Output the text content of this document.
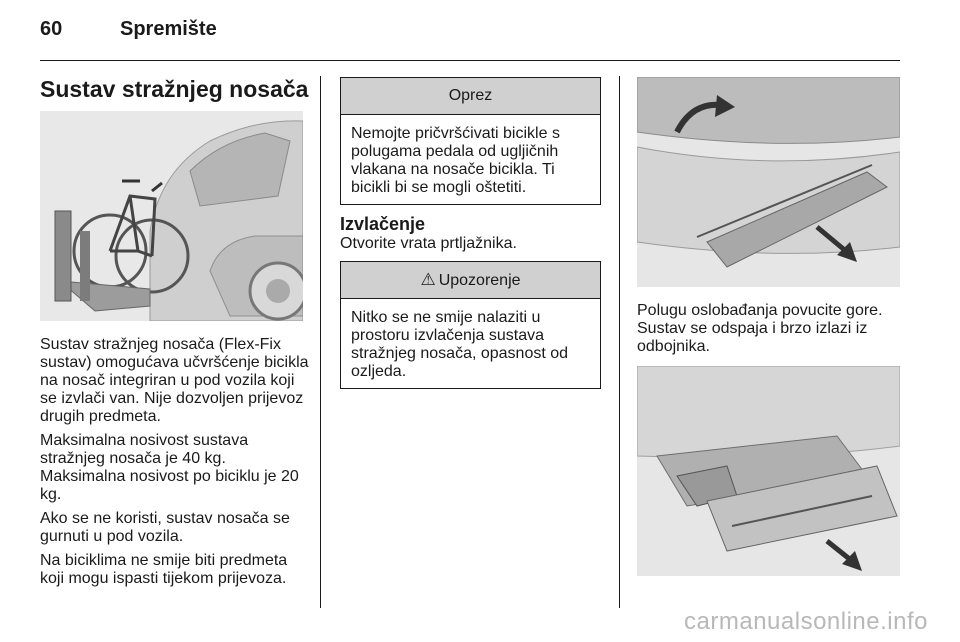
60	Spremište
Sustav stražnjeg nosača

Sustav stražnjeg nosača (Flex-Fix sustav) omogućava učvršćenje bicikla na nosač integriran u pod vozila koji se izvlači van. Nije dozvoljen prijevoz drugih predmeta.

Maksimalna nosivost sustava stražnjeg nosača je 40 kg. Maksimalna nosivost po biciklu je 20 kg.

Ako se ne koristi, sustav nosača se gurnuti u pod vozila.

Na biciklima ne smije biti predmeta koji mogu ispasti tijekom prijevoza.

Oprez
Nemojte pričvršćivati bicikle s polugama pedala od ugljičnih vlakana na nosače bicikla. Ti bicikli bi se mogli oštetiti.
Izvlačenje
Otvorite vrata prtljažnika.
⚠ Upozorenje
Nitko se ne smije nalaziti u prostoru izvlačenja sustava stražnjeg nosača, opasnost od ozljeda.
Polugu oslobađanja povucite gore. Sustav se odspaja i brzo izlazi iz odbojnika.
carmanualsonline.info
